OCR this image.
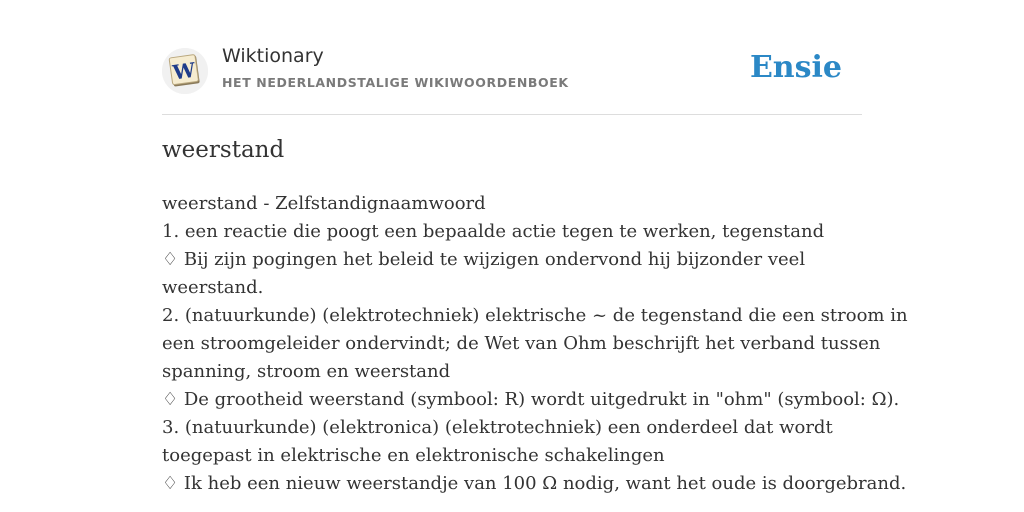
W
Wiktionary
HET NEDERLANDSTALIGE WIKIWOORDENBOEK	Ensie
weerstand
weerstand - Zelfstandignaamwoord
1. een reactie die poogt een bepaalde actie tegen te werken, tegenstand
♢ Bij zijn pogingen het beleid te wijzigen ondervond hij bijzonder veel
weerstand.
2. (natuurkunde) (elektrotechniek) elektrische ~ de tegenstand die een stroom in
een stroomgeleider ondervindt; de Wet van Ohm beschrijft het verband tussen
spanning, stroom en weerstand
♢ De grootheid weerstand (symbool: R) wordt uitgedrukt in "ohm" (symbool: Ω).
3. (natuurkunde) (elektronica) (elektrotechniek) een onderdeel dat wordt
toegepast in elektrische en elektronische schakelingen
♢ Ik heb een nieuw weerstandje van 100 Ω nodig, want het oude is doorgebrand.
